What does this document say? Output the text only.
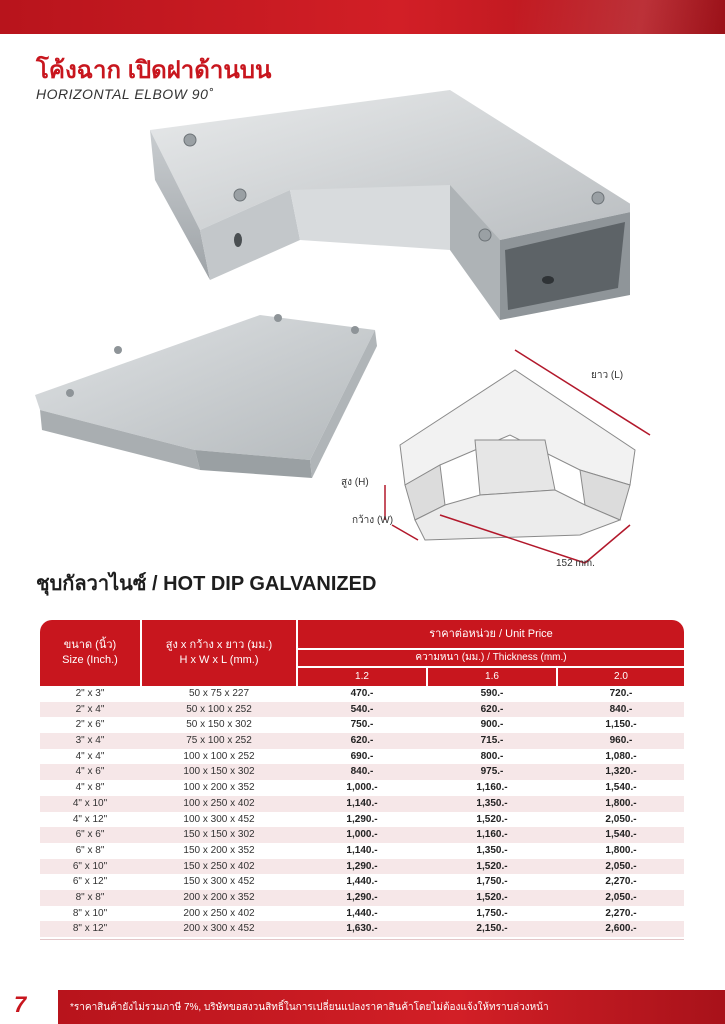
โค้งฉาก เปิดฝาด้านบน
HORIZONTAL ELBOW 90˚
ยาว (L)
สูง (H)
กว้าง (W)
152 mm.
ชุบกัลวาไนซ์ / HOT DIP GALVANIZED
ขนาด (นิ้ว)
Size (Inch.)
สูง x กว้าง x ยาว (มม.)
H x W x L (mm.)
ราคาต่อหน่วย / Unit Price
ความหนา (มม.) / Thickness (mm.)
1.2	1.6	2.0
2" x 3"	50 x 75 x 227	470.-	590.-	720.-
2" x 4"	50 x 100 x 252	540.-	620.-	840.-
2" x 6"	50 x 150 x 302	750.-	900.-	1,150.-
3" x 4"	75 x 100 x 252	620.-	715.-	960.-
4" x 4"	100 x 100 x 252	690.-	800.-	1,080.-
4" x 6"	100 x 150 x 302	840.-	975.-	1,320.-
4" x 8"	100 x 200 x 352	1,000.-	1,160.-	1,540.-
4" x 10"	100 x 250 x 402	1,140.-	1,350.-	1,800.-
4" x 12"	100 x 300 x 452	1,290.-	1,520.-	2,050.-
6" x 6"	150 x 150 x 302	1,000.-	1,160.-	1,540.-
6" x 8"	150 x 200 x 352	1,140.-	1,350.-	1,800.-
6" x 10"	150 x 250 x 402	1,290.-	1,520.-	2,050.-
6" x 12"	150 x 300 x 452	1,440.-	1,750.-	2,270.-
8" x 8"	200 x 200 x 352	1,290.-	1,520.-	2,050.-
8" x 10"	200 x 250 x 402	1,440.-	1,750.-	2,270.-
8" x 12"	200 x 300 x 452	1,630.-	2,150.-	2,600.-
7	*ราคาสินค้ายังไม่รวมภาษี 7%, บริษัทขอสงวนสิทธิ์ในการเปลี่ยนแปลงราคาสินค้าโดยไม่ต้องแจ้งให้ทราบล่วงหน้า
